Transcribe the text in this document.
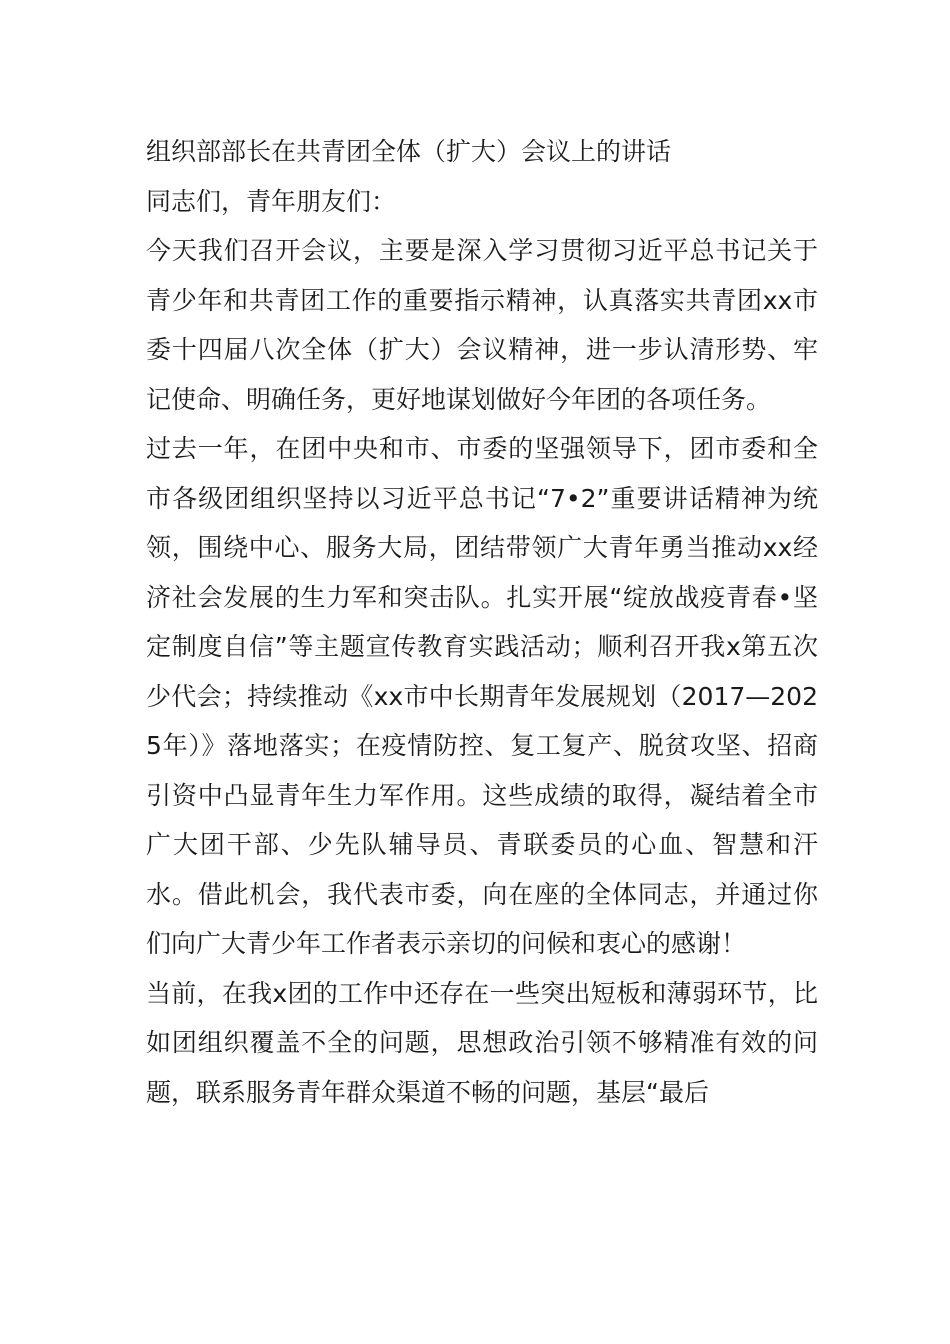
组织部部长在共青团全体（扩大）会议上的讲话

同志们，青年朋友们：

今天我们召开会议，主要是深入学习贯彻习近平总书记关于青少年和共青团工作的重要指示精神，认真落实共青团xx市委十四届八次全体（扩大）会议精神，进一步认清形势、牢记使命、明确任务，更好地谋划做好今年团的各项任务。

过去一年，在团中央和市、市委的坚强领导下，团市委和全市各级团组织坚持以习近平总书记“7•2”重要讲话精神为统领，围绕中心、服务大局，团结带领广大青年勇当推动xx经济社会发展的生力军和突击队。扎实开展“绽放战疫青春•坚定制度自信”等主题宣传教育实践活动；顺利召开我x第五次少代会；持续推动《xx市中长期青年发展规划（2017—2025年）》落地落实；在疫情防控、复工复产、脱贫攻坚、招商引资中凸显青年生力军作用。这些成绩的取得，凝结着全市广大团干部、少先队辅导员、青联委员的心血、智慧和汗水。借此机会，我代表市委，向在座的全体同志，并通过你们向广大青少年工作者表示亲切的问候和衷心的感谢！

当前，在我x团的工作中还存在一些突出短板和薄弱环节，比如团组织覆盖不全的问题，思想政治引领不够精准有效的问题，联系服务青年群众渠道不畅的问题，基层“最后
